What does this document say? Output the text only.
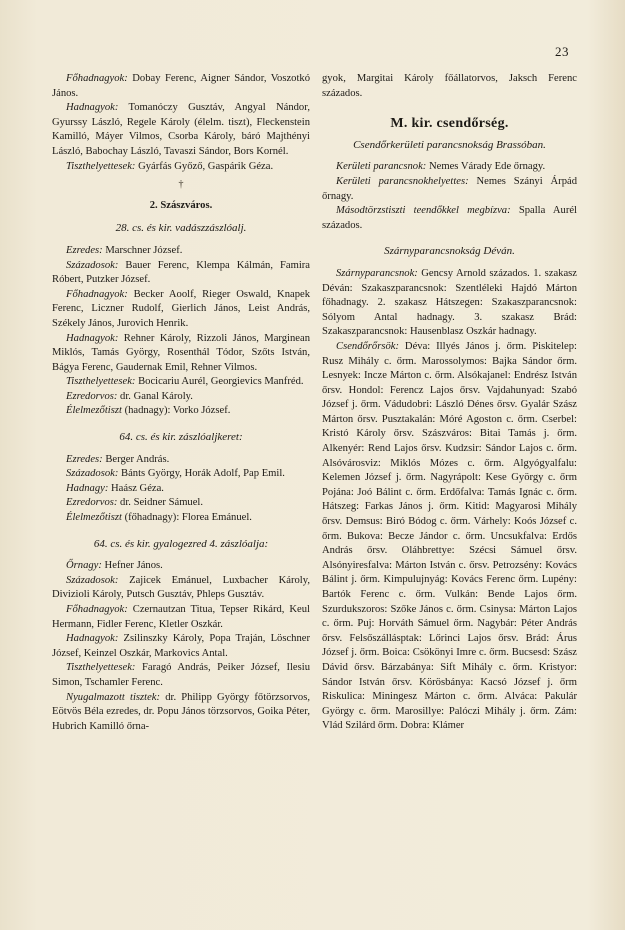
23

Főhadnagyok: Dobay Ferenc, Aigner Sándor, Voszotkó János.

Hadnagyok: Tomanóczy Gusztáv, Angyal Nándor, Gyurssy László, Regele Károly (élelm. tiszt), Fleckenstein Kamilló, Máyer Vilmos, Csorba Károly, báró Majthényi László, Babochay László, Tavaszi Sándor, Bors Kornél.

Tiszthelyettesek: Gyárfás Győző, Gaspárik Géza.

†
2. Szászváros.
28. cs. és kir. vadászzászlóalj.

Ezredes: Marschner József.

Századosok: Bauer Ferenc, Klempa Kálmán, Famira Róbert, Putzker József.

Főhadnagyok: Becker Aoolf, Rieger Oswald, Knapek Ferenc, Liczner Rudolf, Gierlich János, Leist András, Székely János, Jurovich Henrik.

Hadnagyok: Rehner Károly, Rizzoli János, Marginean Miklós, Tamás György, Rosenthál Tódor, Szőts István, Bágya Ferenc, Gaudernak Emil, Rehner Vilmos.

Tiszthelyettesek: Bocicariu Aurél, Georgievics Manfréd.

Ezredorvos: dr. Ganal Károly.

Élelmezőtiszt (hadnagy): Vorko József.

64. cs. és kir. zászlóaljkeret:

Ezredes: Berger András.

Századosok: Bánts György, Horák Adolf, Pap Emil.

Hadnagy: Haász Géza.

Ezredorvos: dr. Seidner Sámuel.

Élelmezőtiszt (főhadnagy): Florea Emánuel.

64. cs. és kir. gyalogezred 4. zászlóalja:

Őrnagy: Hefner János.

Századosok: Zajicek Emánuel, Luxbacher Károly, Divizioli Károly, Putsch Gusztáv, Phleps Gusztáv.

Főhadnagyok: Czernautzan Titua, Tepser Rikárd, Keul Hermann, Fidler Ferenc, Kletler Oszkár.

Hadnagyok: Zsilinszky Károly, Popa Traján, Löschner József, Keinzel Oszkár, Markovics Antal.

Tiszthelyettesek: Faragó András, Peiker József, Ilesiu Simon, Tschamler Ferenc.

Nyugalmazott tisztek: dr. Philipp György főtörzsorvos, Eötvös Béla ezredes, dr. Popu János törzsorvos, Goika Péter, Hubrich Kamilló őrna-

gyok, Margitai Károly főállatorvos, Jaksch Ferenc százados.

M. kir. csendőrség.
Csendőrkerületi parancsnokság Brassóban.

Kerületi parancsnok: Nemes Várady Ede őrnagy.

Kerületi parancsnokhelyettes: Nemes Szányi Árpád őrnagy.

Másodtörzstiszti teendőkkel megbízva: Spalla Aurél százados.

Szárnyparancsnokság Déván.

Szárnyparancsnok: Gencsy Arnold százados. 1. szakasz Déván: Szakaszparancsnok: Szentléleki Hajdó Márton főhadnagy. 2. szakasz Hátszegen: Szakaszparancsnok: Sólyom Antal hadnagy. 3. szakasz Brád: Szakaszparancsnok: Hausenblasz Oszkár hadnagy.

Csendőrőrsök: Déva: Illyés János j. őrm. Piskitelep: Rusz Mihály c. őrm. Marossolymos: Bajka Sándor őrm. Lesnyek: Incze Márton c. őrm. Alsókajanel: Endrész István őrsv. Hondol: Ferencz Lajos őrsv. Vajdahunyad: Szabó József j. őrm. Vádudobri: László Dénes őrsv. Gyalár Szász Márton őrsv. Pusztakalán: Móré Agoston c. őrm. Cserbel: Kristó Károly őrsv. Szászváros: Bitai Tamás j. őrm. Alkenyér: Rend Lajos őrsv. Kudzsir: Sándor Lajos c. őrm. Alsóvárosviz: Miklós Mózes c. őrm. Algyógyalfalu: Kelemen József j. őrm. Nagyrápolt: Kese György c. őrm Pojána: Joó Bálint c. őrm. Erdőfalva: Tamás Ignác c. őrm. Hátszeg: Farkas János j. őrm. Kitid: Magyarosi Mihály őrsv. Demsus: Biró Bódog c. őrm. Várhely: Koós József c. őrm. Bukova: Becze Jándor c. őrm. Uncsukfalva: Erdős András őrsv. Oláhbrettye: Szécsi Sámuel őrsv. Alsónyiresfalva: Márton István c. őrsv. Petrozsény: Kovács Bálint j. őrm. Kimpulujnyág: Kovács Ferenc őrm. Lupény: Bartók Ferenc c. őrm. Vulkán: Bende Lajos őrm. Szurdukszoros: Szőke János c. őrm. Csinysa: Márton Lajos c. őrm. Puj: Horváth Sámuel őrm. Nagybár: Péter András őrsv. Felsőszállásptak: Lőrinci Lajos őrsv. Brád: Árus József j. őrm. Boica: Csökönyi Imre c. őrm. Bucsesd: Szász Dávid őrsv. Bárzabánya: Sift Mihály c. őrm. Kristyor: Sándor István őrsv. Körösbánya: Kacsó József j. őrm Riskulica: Miningesz Márton c. őrm. Alváca: Pakulár György c. őrm. Marosillye: Palóczi Mihály j. őrm. Zám: Vlád Szilárd őrm. Dobra: Klámer
